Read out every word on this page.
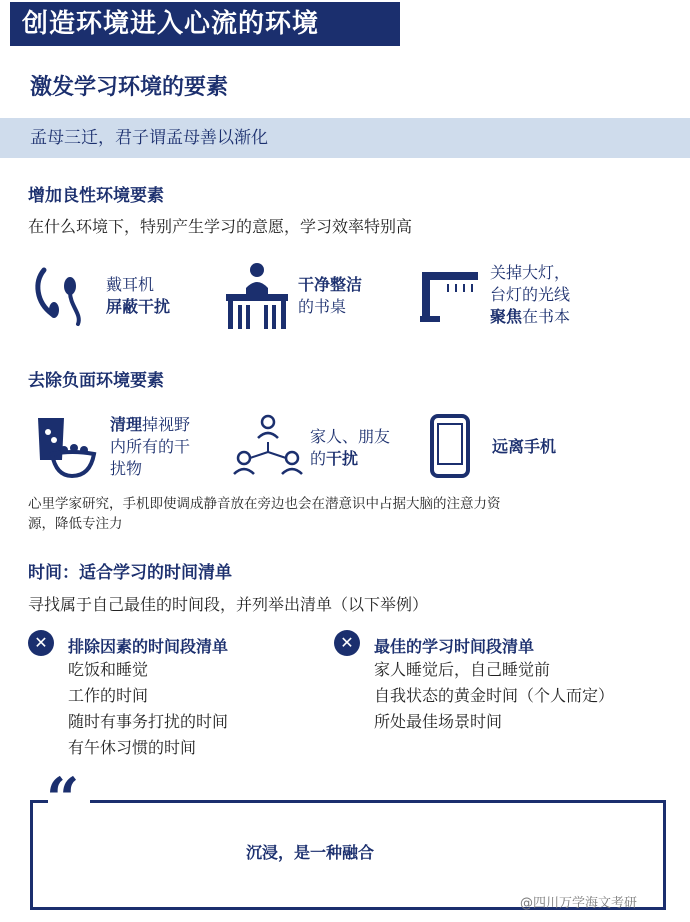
创造环境进入心流的环境
激发学习环境的要素
孟母三迁，君子谓孟母善以渐化
增加良性环境要素
在什么环境下，特别产生学习的意愿，学习效率特别高
戴耳机
屏蔽干扰
干净整洁
的书桌
关掉大灯，
台灯的光线
聚焦在书本
去除负面环境要素
清理掉视野
内所有的干
扰物
家人、朋友
的干扰
远离手机
心里学家研究，手机即使调成静音放在旁边也会在潜意识中占据大脑的注意力资
源，降低专注力
时间：适合学习的时间清单
寻找属于自己最佳的时间段，并列举出清单（以下举例）
✕	排除因素的时间段清单
吃饭和睡觉
工作的时间
随时有事务打扰的时间
有午休习惯的时间
✕	最佳的学习时间段清单
家人睡觉后，自己睡觉前
自我状态的黄金时间（个人而定）
所处最佳场景时间
“
沉浸，是一种融合
@四川万学海文考研
